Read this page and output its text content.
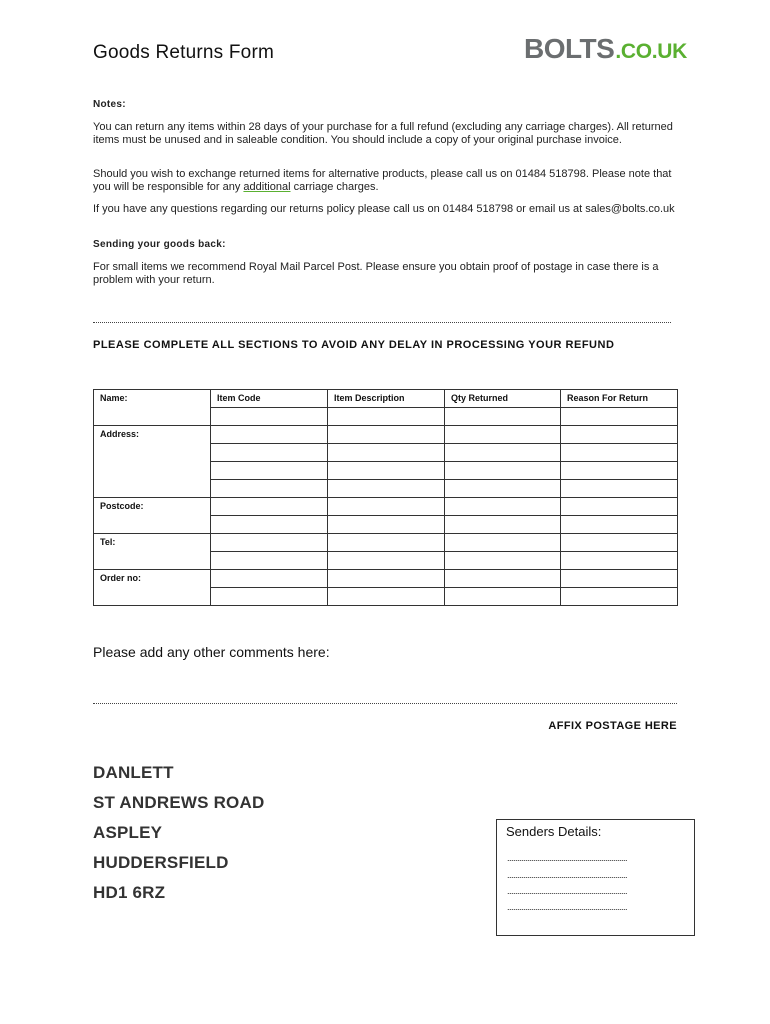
Goods Returns Form	BOLTS .CO.UK
Notes:
You can return any items within 28 days of your purchase for a full refund (excluding any carriage charges). All returned items must be unused and in saleable condition. You should include a copy of your original purchase invoice.
Should you wish to exchange returned items for alternative products, please call us on 01484 518798. Please note that you will be responsible for any additional carriage charges.
If you have any questions regarding our returns policy please call us on 01484 518798 or email us at sales@bolts.co.uk
Sending your goods back:
For small items we recommend Royal Mail Parcel Post. Please ensure you obtain proof of postage in case there is a problem with your return.
PLEASE COMPLETE ALL SECTIONS TO AVOID ANY DELAY IN PROCESSING YOUR REFUND
Name:	Item Code	Item Description	Qty Returned	Reason For Return

Address:				

Postcode:				

Tel:				

Order no:				

Please add any other comments here:
AFFIX POSTAGE HERE
DANLETT
ST ANDREWS ROAD
ASPLEY
HUDDERSFIELD
HD1 6RZ
Senders Details:
............................................................
............................................................
............................................................
............................................................
